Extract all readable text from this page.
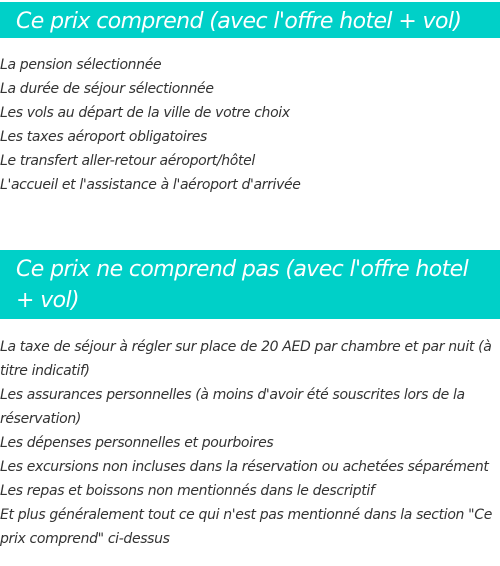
Ce prix comprend (avec l'offre hotel + vol)
La pension sélectionnée
La durée de séjour sélectionnée
Les vols au départ de la ville de votre choix
Les taxes aéroport obligatoires
Le transfert aller-retour aéroport/hôtel
L'accueil et l'assistance à l'aéroport d'arrivée
Ce prix ne comprend pas (avec l'offre hotel + vol)
La taxe de séjour à régler sur place de 20 AED par chambre et par nuit (à titre indicatif)
Les assurances personnelles (à moins d'avoir été souscrites lors de la réservation)
Les dépenses personnelles et pourboires
Les excursions non incluses dans la réservation ou achetées séparément
Les repas et boissons non mentionnés dans le descriptif
Et plus généralement tout ce qui n'est pas mentionné dans la section "Ce prix comprend" ci-dessus
